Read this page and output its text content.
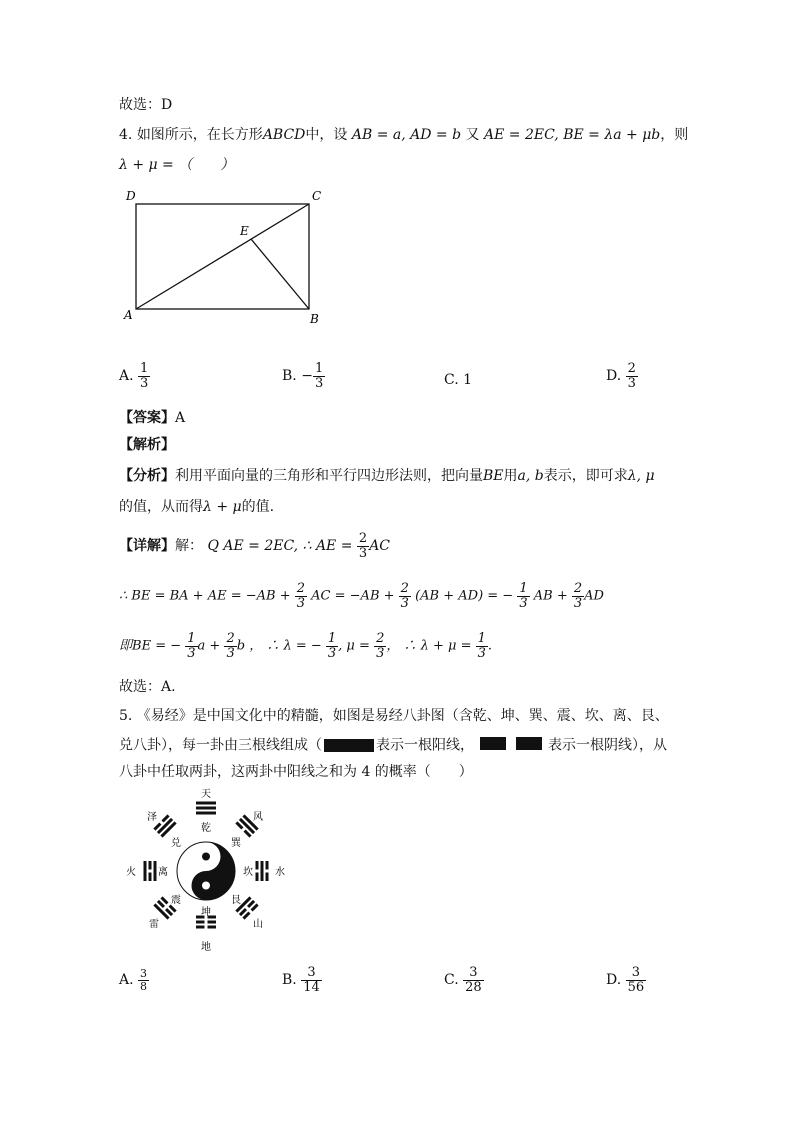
故选：D
4. 如图所示，在长方形ABCD中，设 AB = a, AD = b 又 AE = 2EC, BE = λa + μb，则
λ + μ = （　　）
D	C
E
A	B
A. $\frac{1}{3}$	B. − $\frac{1}{3}$	C. 1	D. $\frac{2}{3}$
【答案】A
【解析】
【分析】利用平面向量的三角形和平行四边形法则，把向量BE用a, b表示，即可求λ, μ
的值，从而得λ + μ的值.
【详解】解： Q AE = 2EC, ∴ AE = $\frac{2}{3}$ AC
∴ BE = BA + AE = $-AB + \frac{2}{3}$ AC = $-AB + \frac{2}{3} (AB + AD)$ = − $\frac{1}{3}$ AB + $\frac{2}{3}$ AD
即BE = − $\frac{1}{3}$ $a + \frac{2}{3}$ b ， ∴ λ = − $\frac{1}{3}$ , $\mu = \frac{2}{3}$ ， ∴ $\lambda + \mu = \frac{1}{3}$ .
故选：A.
5. 《易经》是中国文化中的精髓，如图是易经八卦图（含乾、坤、巽、震、坎、离、艮、
兑八卦），每一卦由三根线组成（	表示一根阳线，	表示一根阴线），从
八卦中任取两卦，这两卦中阳线之和为 4 的概率（　　）
天
乾
风
巽
水
坎
山
艮
地
坤
雷
震
火 离
泽
兑
A. $\frac{3}{8}$	B. $\frac{3}{14}$	C. $\frac{3}{28}$	D. $\frac{3}{56}$
